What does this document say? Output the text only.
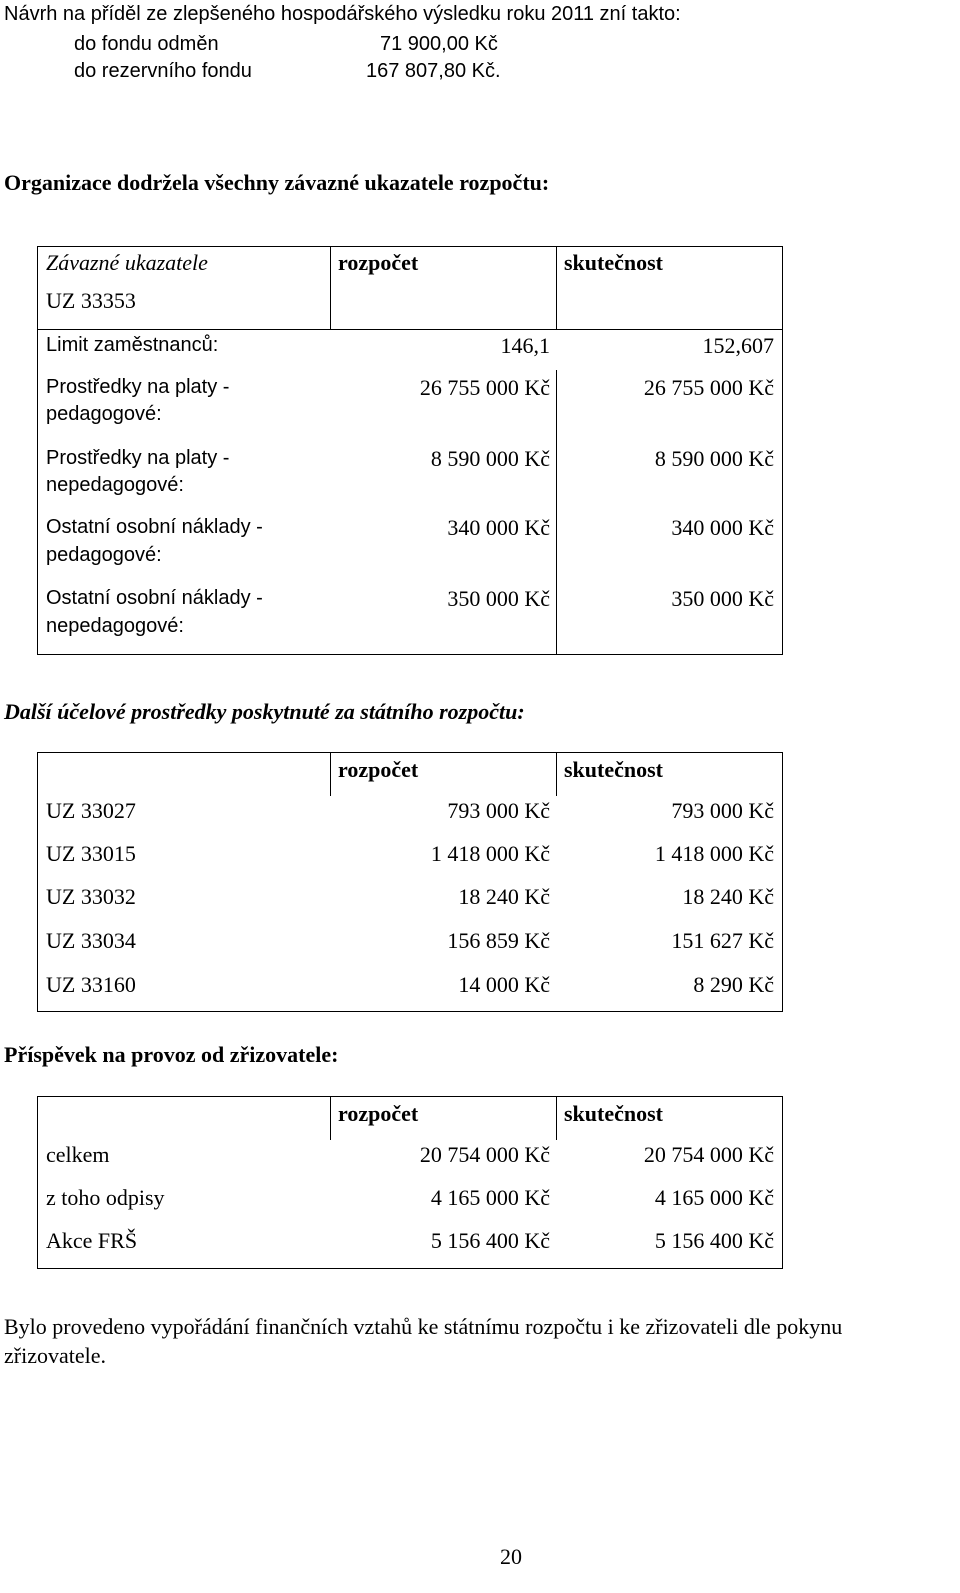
Návrh na příděl ze zlepšeného hospodářského výsledku roku 2011 zní takto:
do fondu odměn	71 900,00 Kč
do rezervního fondu	167 807,80 Kč.
Organizace dodržela všechny závazné ukazatele rozpočtu:
Závazné ukazatele
UZ 33353
rozpočet	skutečnost
Limit zaměstnanců:	146,1	152,607
Prostředky na platy -
pedagogové:
26 755 000 Kč	26 755 000 Kč
Prostředky na platy -
nepedagogové:
8 590 000 Kč	8 590 000 Kč
Ostatní osobní náklady -
pedagogové:
340 000 Kč	340 000 Kč
Ostatní osobní náklady -
nepedagogové:
350 000 Kč	350 000 Kč
Další účelové prostředky poskytnuté za státního rozpočtu:
rozpočet	skutečnost
UZ 33027	793 000 Kč	793 000 Kč
UZ 33015	1 418 000 Kč	1 418 000 Kč
UZ 33032	18 240 Kč	18 240 Kč
UZ 33034	156 859 Kč	151 627 Kč
UZ 33160	14 000 Kč	8 290 Kč
Příspěvek na provoz od zřizovatele:
rozpočet	skutečnost
celkem	20 754 000 Kč	20 754 000 Kč
z toho odpisy	4 165 000 Kč	4 165 000 Kč
Akce FRŠ	5 156 400 Kč	5 156 400 Kč
Bylo provedeno vypořádání finančních vztahů ke státnímu rozpočtu i ke zřizovateli dle pokynu
zřizovatele.
20
